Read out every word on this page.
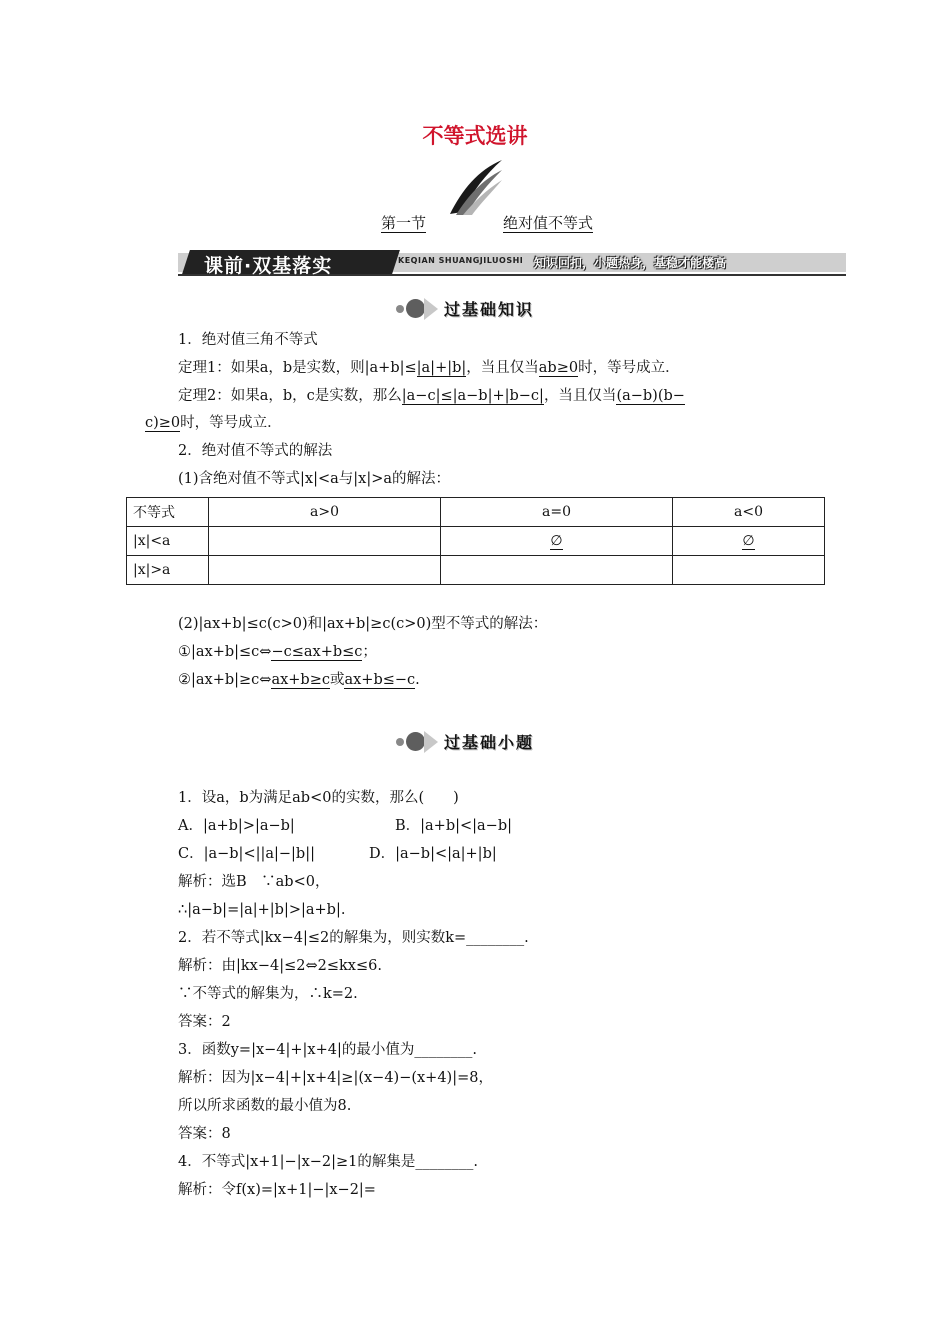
不等式选讲
第一节	绝对值不等式
课前·双基落实	KEQIAN SHUANGJILUOSHI 知识回扣，小题热身，基稳才能楼高
过基础知识
1．绝对值三角不等式
定理1：如果a，b是实数，则|a+b|≤|a|+|b|，当且仅当ab≥0时，等号成立．
定理2：如果a，b，c是实数，那么|a−c|≤|a−b|+|b−c|，当且仅当(a−b)(b−
c)≥0时，等号成立．
2．绝对值不等式的解法
(1)含绝对值不等式|x|<a与|x|>a的解法：
不等式	a>0	a=0	a<0
|x|<a		∅	∅
|x|>a			
(2)|ax+b|≤c(c>0)和|ax+b|≥c(c>0)型不等式的解法：
①|ax+b|≤c⇔−c≤ax+b≤c；
②|ax+b|≥c⇔ax+b≥c或ax+b≤−c.
过基础小题
1．设a，b为满足ab<0的实数，那么(　　)
A．|a+b|>|a−b|	B．|a+b|<|a−b|
C．|a−b|<||a|−|b||	D．|a−b|<|a|+|b|
解析：选B　∵ab<0，
∴|a−b|=|a|+|b|>|a+b|.
2．若不等式|kx−4|≤2的解集为，则实数k=________.
解析：由|kx−4|≤2⇔2≤kx≤6.
∵不等式的解集为，∴k=2.
答案：2
3．函数y=|x−4|+|x+4|的最小值为________.
解析：因为|x−4|+|x+4|≥|(x−4)−(x+4)|=8，
所以所求函数的最小值为8.
答案：8
4．不等式|x+1|−|x−2|≥1的解集是________.
解析：令f(x)=|x+1|−|x−2|=
